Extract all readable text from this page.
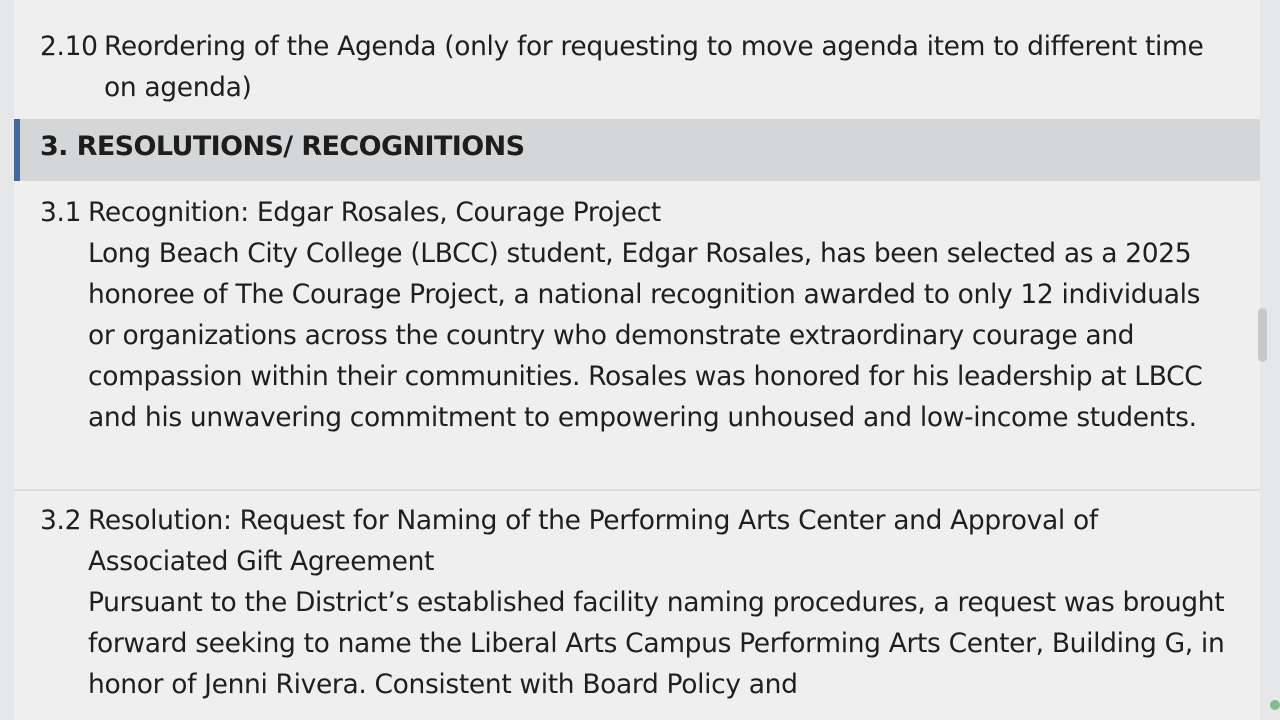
2.10 Reordering of the Agenda (only for requesting to move agenda item to different time on agenda)
3. RESOLUTIONS/ RECOGNITIONS
3.1 Recognition: Edgar Rosales, Courage Project
Long Beach City College (LBCC) student, Edgar Rosales, has been selected as a 2025 honoree of The Courage Project, a national recognition awarded to only 12 individuals or organizations across the country who demonstrate extraordinary courage and compassion within their communities. Rosales was honored for his leadership at LBCC and his unwavering commitment to empowering unhoused and low-income students.
3.2 Resolution: Request for Naming of the Performing Arts Center and Approval of Associated Gift Agreement
Pursuant to the District’s established facility naming procedures, a request was brought forward seeking to name the Liberal Arts Campus Performing Arts Center, Building G, in honor of Jenni Rivera. Consistent with Board Policy and
